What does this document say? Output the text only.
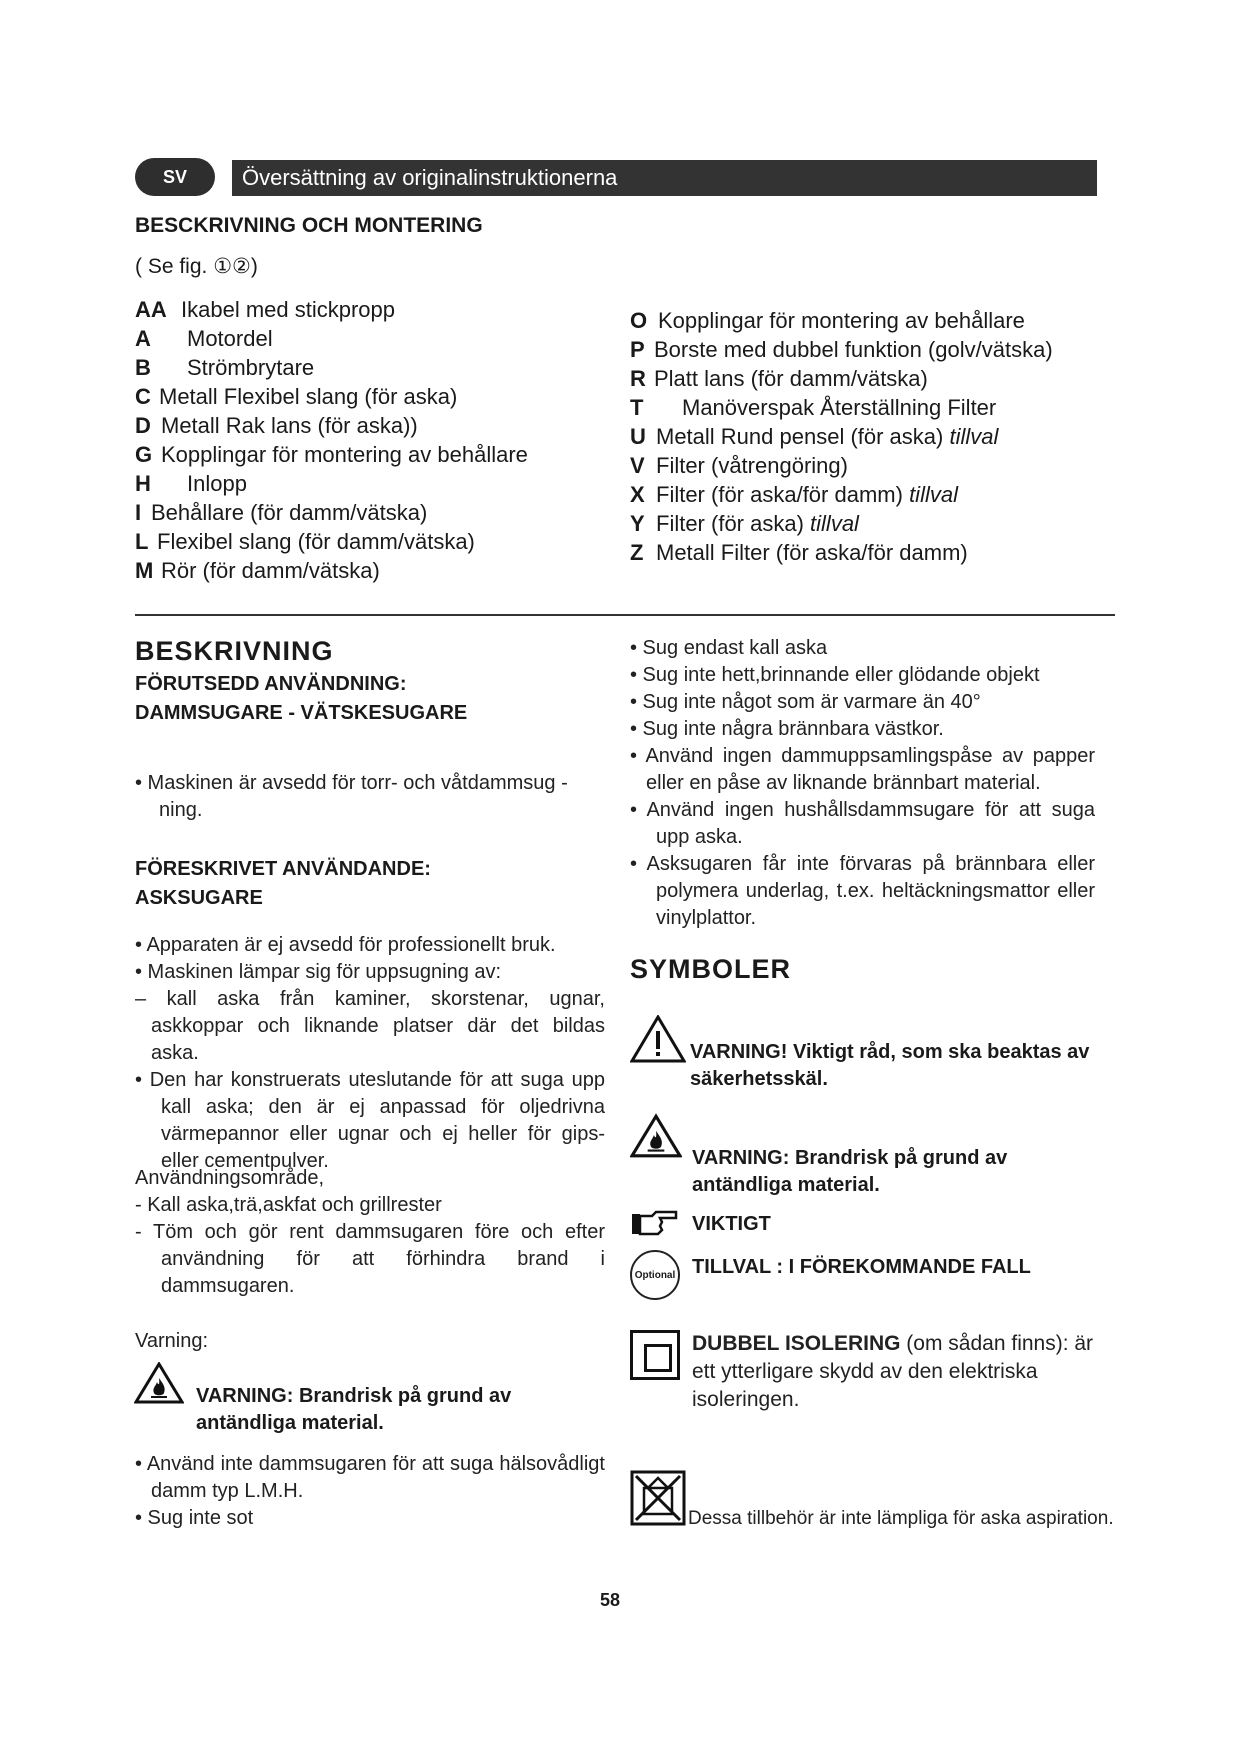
SV	Översättning av originalinstruktionerna
BESCKRIVNING OCH MONTERING
( Se fig. ①②)
AA Ikabel med stickpropp
A Motordel
B Strömbrytare
C Metall Flexibel slang (för aska)
D Metall Rak lans (för aska))
G Kopplingar för montering av behållare
H Inlopp
I Behållare (för damm/vätska)
L Flexibel slang (för damm/vätska)
M Rör (för damm/vätska)
O Kopplingar för montering av behållare
P Borste med dubbel funktion (golv/vätska)
R Platt lans (för damm/vätska)
T Manöverspak Återställning Filter
U Metall Rund pensel (för aska) tillval
V Filter (våtrengöring)
X Filter (för aska/för damm) tillval
Y Filter (för aska) tillval
Z Metall Filter (för aska/för damm)
BESKRIVNING
FÖRUTSEDD ANVÄNDNING:
DAMMSUGARE - VÄTSKESUGARE

• Maskinen är avsedd för torr- och våtdammsug -

ning.

FÖRESKRIVET ANVÄNDANDE:
ASKSUGARE

• Apparaten är ej avsedd för professionellt bruk.

• Maskinen lämpar sig för uppsugning av:

– kall aska från kaminer, skorstenar, ugnar, askkoppar och liknande platser där det bildas aska.

• Den har konstruerats uteslutande för att suga upp kall aska; den är ej anpassad för oljedrivna värmepannor eller ugnar och ej heller för gips- eller cementpulver.

Användningsområde,

- Kall aska,trä,askfat och grillrester

- Töm och gör rent dammsugaren före och efter användning för att förhindra brand i dammsugaren.

Varning:
VARNING: Brandrisk på grund av antändliga material.

• Använd inte dammsugaren för att suga hälsovådligt damm typ L.M.H.

• Sug inte sot

• Sug endast kall aska

• Sug inte hett,brinnande eller glödande objekt

• Sug inte något som är varmare än 40°

• Sug inte några brännbara västkor.

• Använd ingen dammuppsamlingspåse av papper eller en påse av liknande brännbart material.

• Använd ingen hushållsdammsugare för att suga upp aska.

• Asksugaren får inte förvaras på brännbara eller polymera underlag, t.ex. heltäckningsmattor eller vinylplattor.

SYMBOLER
VARNING! Viktigt råd, som ska beaktas av säkerhetsskäl.
VARNING: Brandrisk på grund av antändliga material.
VIKTIGT
Optional TILLVAL : I FÖREKOMMANDE FALL
DUBBEL ISOLERING (om sådan finns): är ett ytterligare skydd av den elektriska isoleringen.
Dessa tillbehör är inte lämpliga för aska aspiration.
58
